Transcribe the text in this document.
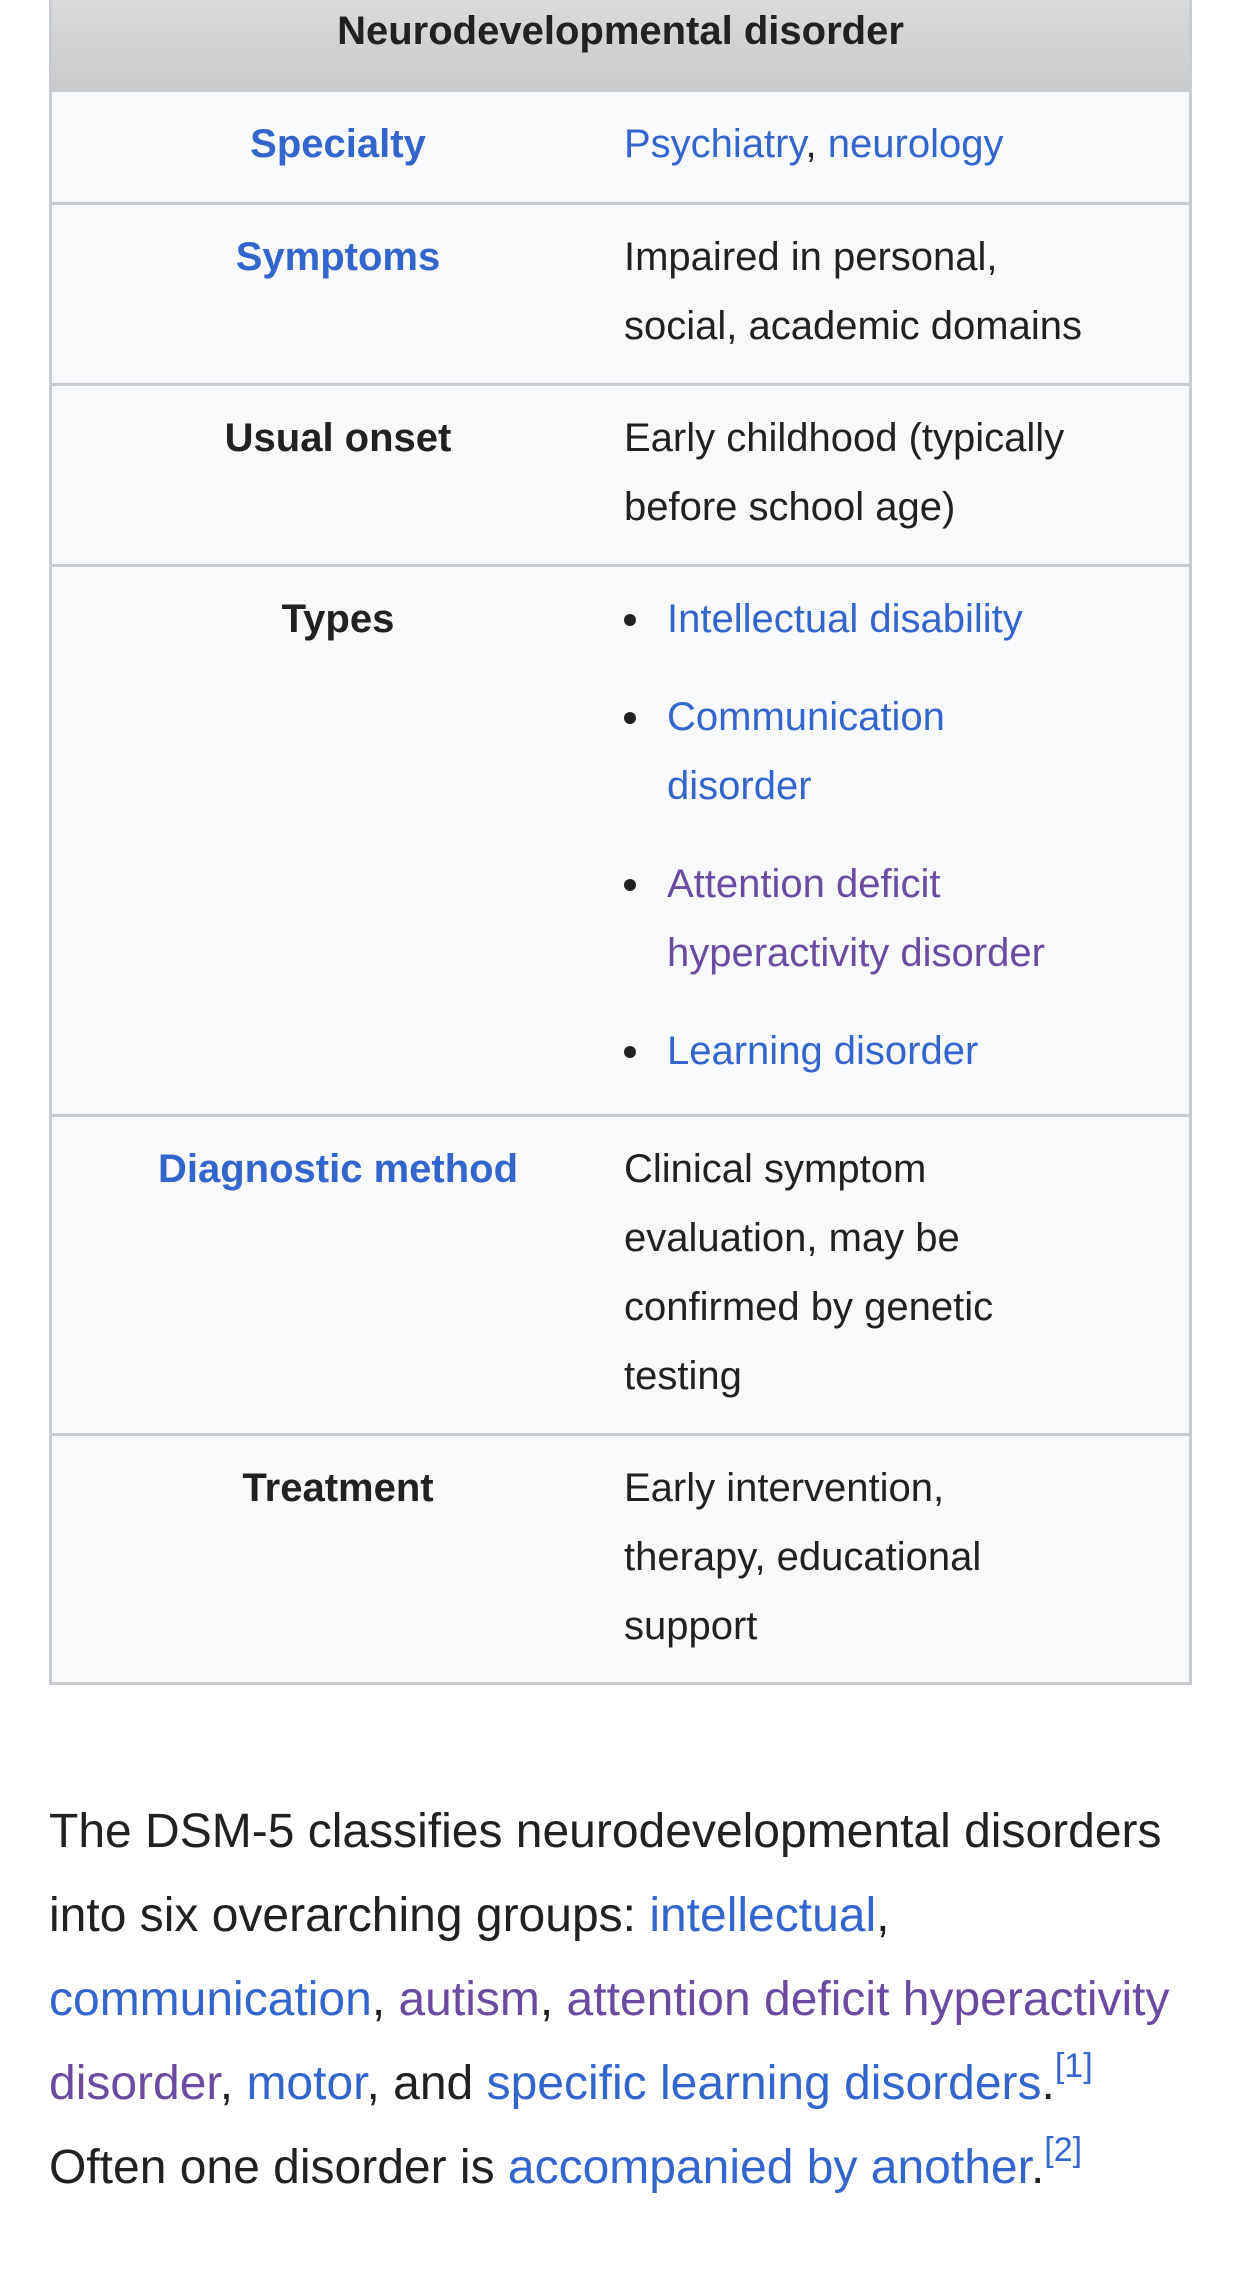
Neurodevelopmental disorder
Specialty	Psychiatry, neurology
Symptoms	Impaired in personal,
social, academic domains
Usual onset	Early childhood (typically
before school age)
Types	Intellectual disability
Communication
disorder
Attention deficit
hyperactivity disorder
Learning disorder
Diagnostic method	Clinical symptom
evaluation, may be
confirmed by genetic
testing
Treatment	Early intervention,
therapy, educational
support

The DSM-5 classifies neurodevelopmental disorders into six overarching groups: intellectual, communication, autism, attention deficit hyperactivity disorder, motor, and specific learning disorders.[1] Often one disorder is accompanied by another.[2]
